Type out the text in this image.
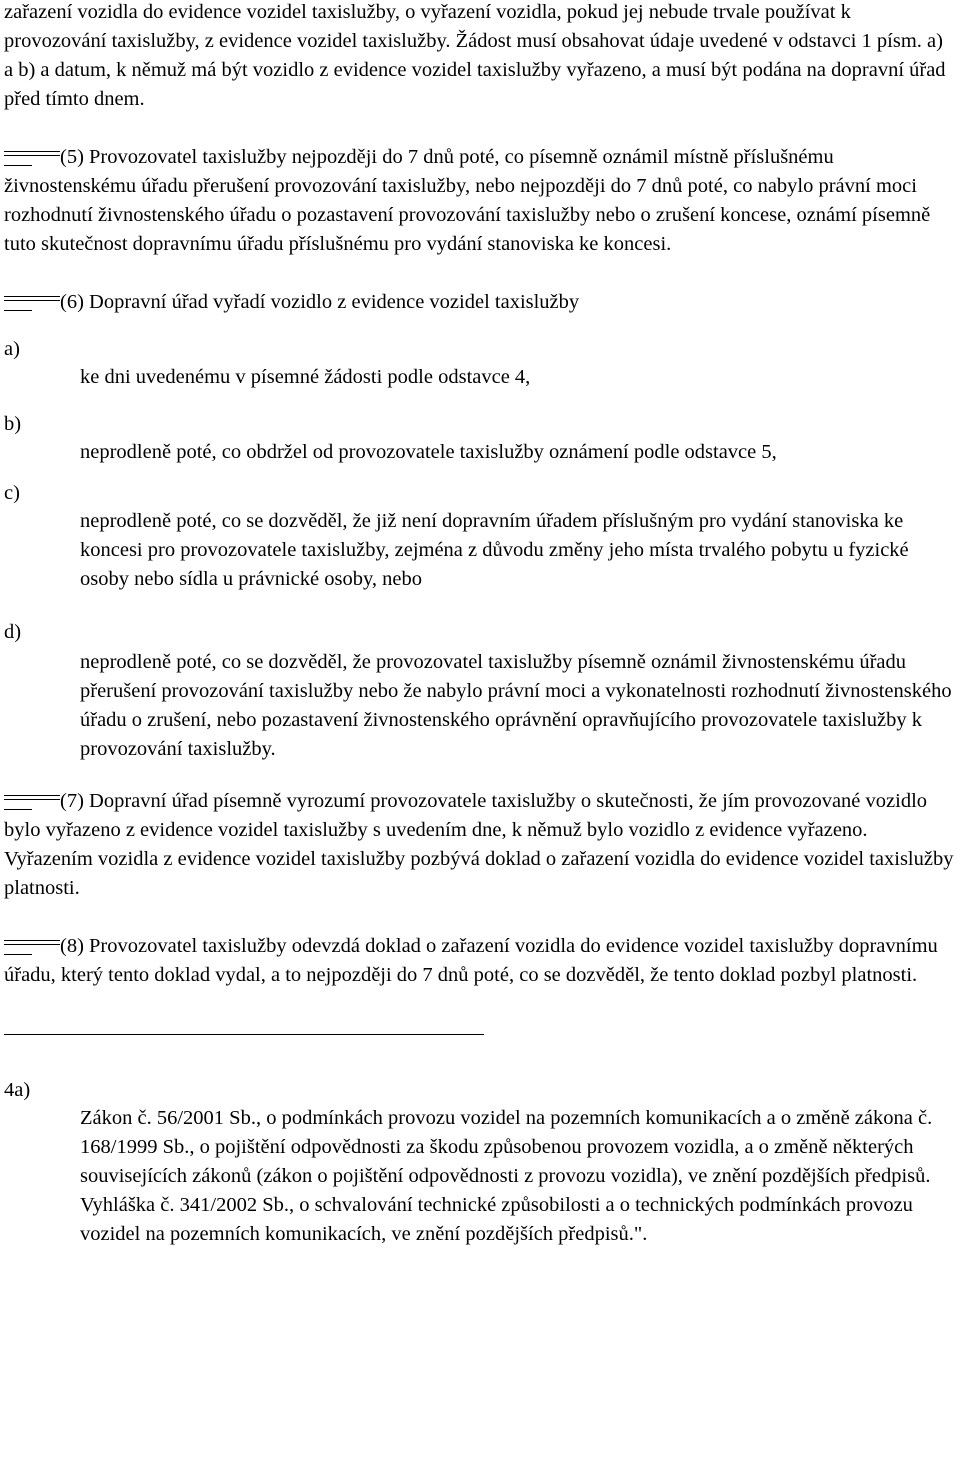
zařazení vozidla do evidence vozidel taxislužby, o vyřazení vozidla, pokud jej nebude trvale používat k provozování taxislužby, z evidence vozidel taxislužby. Žádost musí obsahovat údaje uvedené v odstavci 1 písm. a) a b) a datum, k němuž má být vozidlo z evidence vozidel taxislužby vyřazeno, a musí být podána na dopravní úřad před tímto dnem.

(5) Provozovatel taxislužby nejpozději do 7 dnů poté, co písemně oznámil místně příslušnému živnostenskému úřadu přerušení provozování taxislužby, nebo nejpozději do 7 dnů poté, co nabylo právní moci rozhodnutí živnostenského úřadu o pozastavení provozování taxislužby nebo o zrušení koncese, oznámí písemně tuto skutečnost dopravnímu úřadu příslušnému pro vydání stanoviska ke koncesi.

(6) Dopravní úřad vyřadí vozidlo z evidence vozidel taxislužby

a)
ke dni uvedenému v písemné žádosti podle odstavce 4,
b)
neprodleně poté, co obdržel od provozovatele taxislužby oznámení podle odstavce 5,
c)
neprodleně poté, co se dozvěděl, že již není dopravním úřadem příslušným pro vydání stanoviska ke koncesi pro provozovatele taxislužby, zejména z důvodu změny jeho místa trvalého pobytu u fyzické osoby nebo sídla u právnické osoby, nebo
d)
neprodleně poté, co se dozvěděl, že provozovatel taxislužby písemně oznámil živnostenskému úřadu přerušení provozování taxislužby nebo že nabylo právní moci a vykonatelnosti rozhodnutí živnostenského úřadu o zrušení, nebo pozastavení živnostenského oprávnění opravňujícího provozovatele taxislužby k provozování taxislužby.

(7) Dopravní úřad písemně vyrozumí provozovatele taxislužby o skutečnosti, že jím provozované vozidlo bylo vyřazeno z evidence vozidel taxislužby s uvedením dne, k němuž bylo vozidlo z evidence vyřazeno. Vyřazením vozidla z evidence vozidel taxislužby pozbývá doklad o zařazení vozidla do evidence vozidel taxislužby platnosti.

(8) Provozovatel taxislužby odevzdá doklad o zařazení vozidla do evidence vozidel taxislužby dopravnímu úřadu, který tento doklad vydal, a to nejpozději do 7 dnů poté, co se dozvěděl, že tento doklad pozbyl platnosti.

4a)

Zákon č. 56/2001 Sb., o podmínkách provozu vozidel na pozemních komunikacích a o změně zákona č. 168/1999 Sb., o pojištění odpovědnosti za škodu způsobenou provozem vozidla, a o změně některých souvisejících zákonů (zákon o pojištění odpovědnosti z provozu vozidla), ve znění pozdějších předpisů.

Vyhláška č. 341/2002 Sb., o schvalování technické způsobilosti a o technických podmínkách provozu vozidel na pozemních komunikacích, ve znění pozdějších předpisů.".
